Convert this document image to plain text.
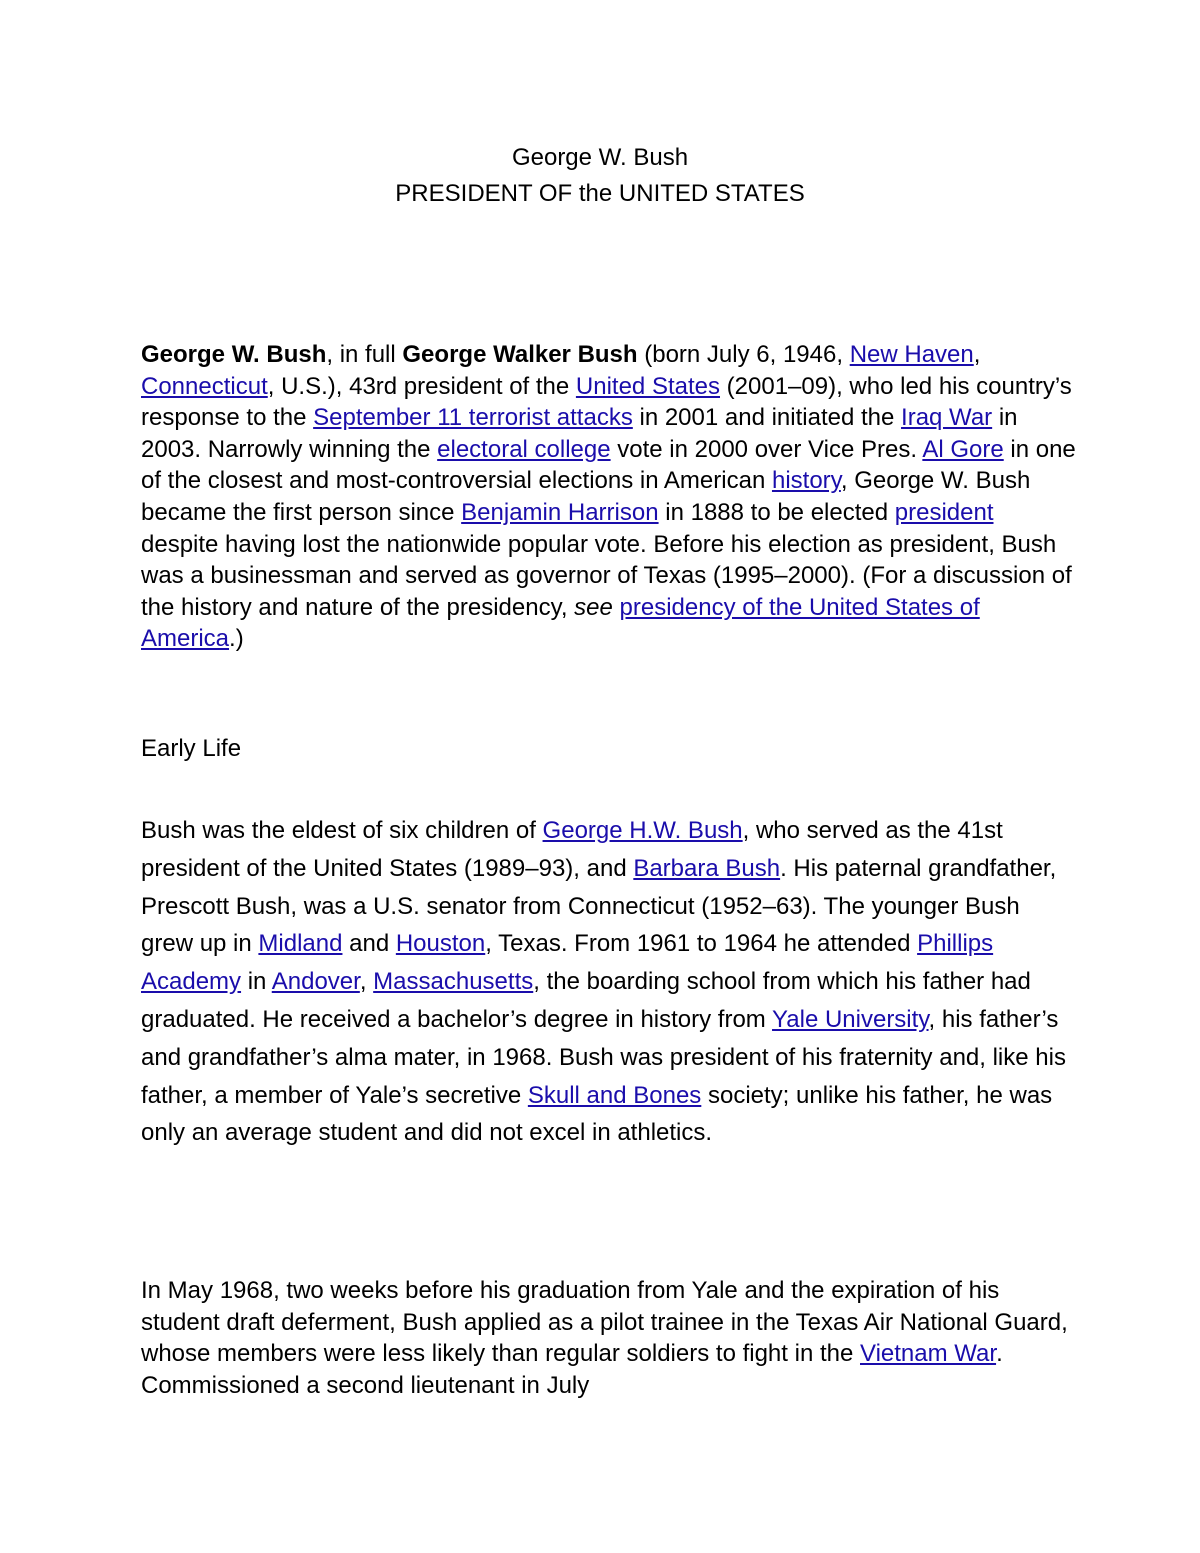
George W. Bush
PRESIDENT OF the UNITED STATES

George W. Bush, in full George Walker Bush (born July 6, 1946, New Haven, Connecticut, U.S.), 43rd president of the United States (2001–09), who led his country’s response to the September 11 terrorist attacks in 2001 and initiated the Iraq War in 2003. Narrowly winning the electoral college vote in 2000 over Vice Pres. Al Gore in one of the closest and most-controversial elections in American history, George W. Bush became the first person since Benjamin Harrison in 1888 to be elected president despite having lost the nationwide popular vote. Before his election as president, Bush was a businessman and served as governor of Texas (1995–2000). (For a discussion of the history and nature of the presidency, see presidency of the United States of America.)

Early Life

Bush was the eldest of six children of George H.W. Bush, who served as the 41st president of the United States (1989–93), and Barbara Bush. His paternal grandfather, Prescott Bush, was a U.S. senator from Connecticut (1952–63). The younger Bush grew up in Midland and Houston, Texas. From 1961 to 1964 he attended Phillips Academy in Andover, Massachusetts, the boarding school from which his father had graduated. He received a bachelor’s degree in history from Yale University, his father’s and grandfather’s alma mater, in 1968. Bush was president of his fraternity and, like his father, a member of Yale’s secretive Skull and Bones society; unlike his father, he was only an average student and did not excel in athletics.

In May 1968, two weeks before his graduation from Yale and the expiration of his student draft deferment, Bush applied as a pilot trainee in the Texas Air National Guard, whose members were less likely than regular soldiers to fight in the Vietnam War. Commissioned a second lieutenant in July
